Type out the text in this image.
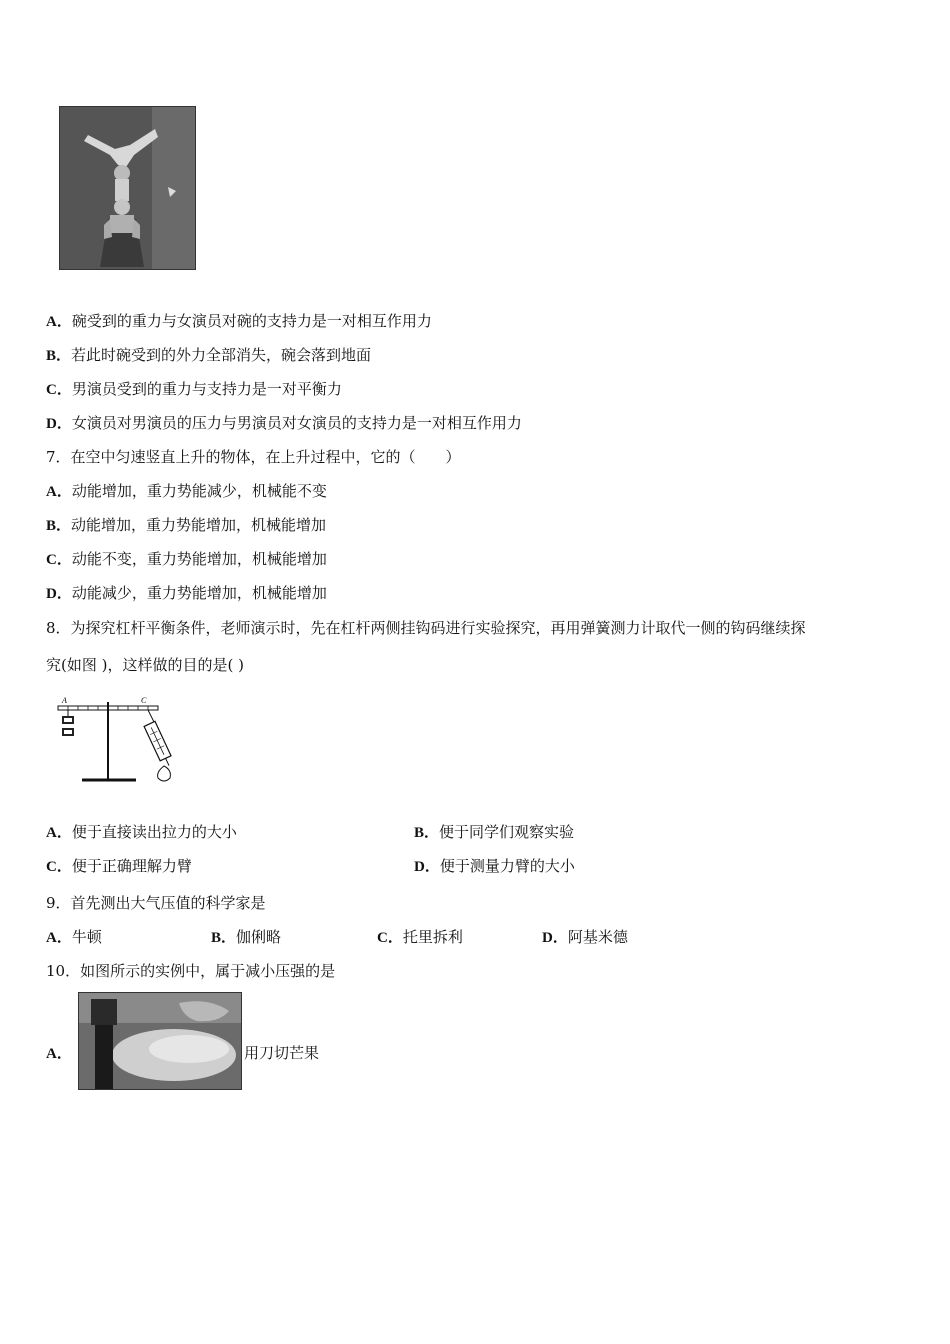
A．碗受到的重力与女演员对碗的支持力是一对相互作用力
B．若此时碗受到的外力全部消失，碗会落到地面
C．男演员受到的重力与支持力是一对平衡力
D．女演员对男演员的压力与男演员对女演员的支持力是一对相互作用力
7．在空中匀速竖直上升的物体，在上升过程中，它的（　　）
A．动能增加，重力势能减少，机械能不变
B．动能增加，重力势能增加，机械能增加
C．动能不变，重力势能增加，机械能增加
D．动能减少，重力势能增加，机械能增加
8．为探究杠杆平衡条件，老师演示时，先在杠杆两侧挂钩码进行实验探究，再用弹簧测力计取代一侧的钩码继续探
究(如图 )，这样做的目的是( )
A	C
A．便于直接读出拉力的大小	B．便于同学们观察实验
C．便于正确理解力臂	D．便于测量力臂的大小
9．首先测出大气压值的科学家是
A．牛顿	B．伽俐略	C．托里拆利	D．阿基米德
10．如图所示的实例中，属于减小压强的是
A．	用刀切芒果
